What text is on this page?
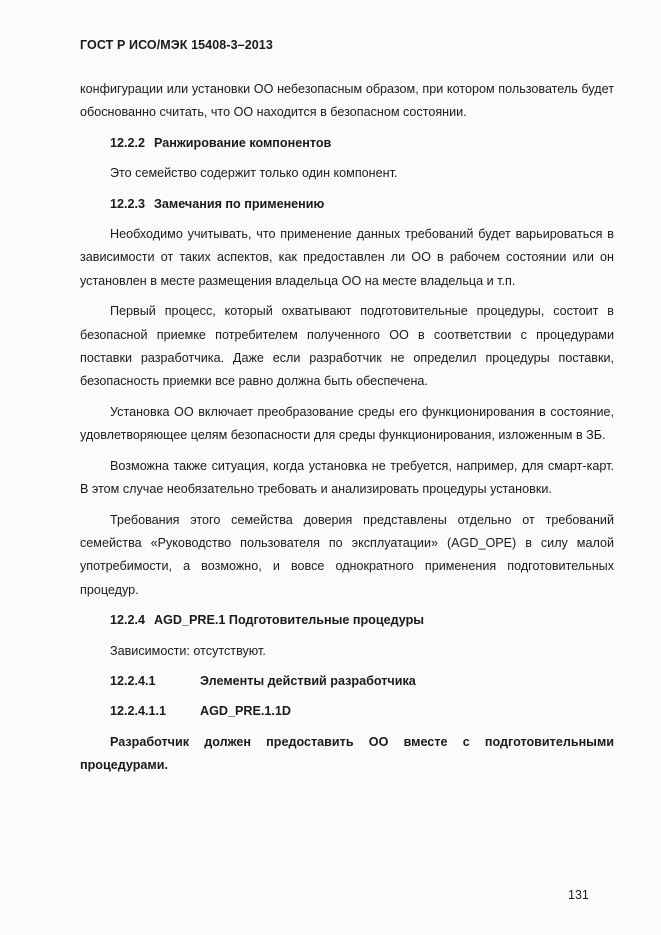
ГОСТ Р ИСО/МЭК 15408-3–2013

конфигурации или установки ОО небезопасным образом, при котором пользователь будет обоснованно считать, что ОО находится в безопасном состоянии.

12.2.2 Ранжирование компонентов

Это семейство содержит только один компонент.

12.2.3 Замечания по применению

Необходимо учитывать, что применение данных требований будет варьироваться в зависимости от таких аспектов, как предоставлен ли ОО в рабочем состоянии или он установлен в месте размещения владельца ОО на месте владельца и т.п.

Первый процесс, который охватывают подготовительные процедуры, состоит в безопасной приемке потребителем полученного ОО в соответствии с процедурами поставки разработчика. Даже если разработчик не определил процедуры поставки, безопасность приемки все равно должна быть обеспечена.

Установка ОО включает преобразование среды его функционирования в состояние, удовлетворяющее целям безопасности для среды функционирования, изложенным в ЗБ.

Возможна также ситуация, когда установка не требуется, например, для смарт-карт. В этом случае необязательно требовать и анализировать процедуры установки.

Требования этого семейства доверия представлены отдельно от требований семейства «Руководство пользователя по эксплуатации» (AGD_OPE) в силу малой употребимости, а возможно, и вовсе однократного применения подготовительных процедур.

12.2.4 AGD_PRE.1 Подготовительные процедуры

Зависимости: отсутствуют.

12.2.4.1	Элементы действий разработчика
12.2.4.1.1	AGD_PRE.1.1D

Разработчик должен предоставить ОО вместе с подготовительными процедурами.

131
